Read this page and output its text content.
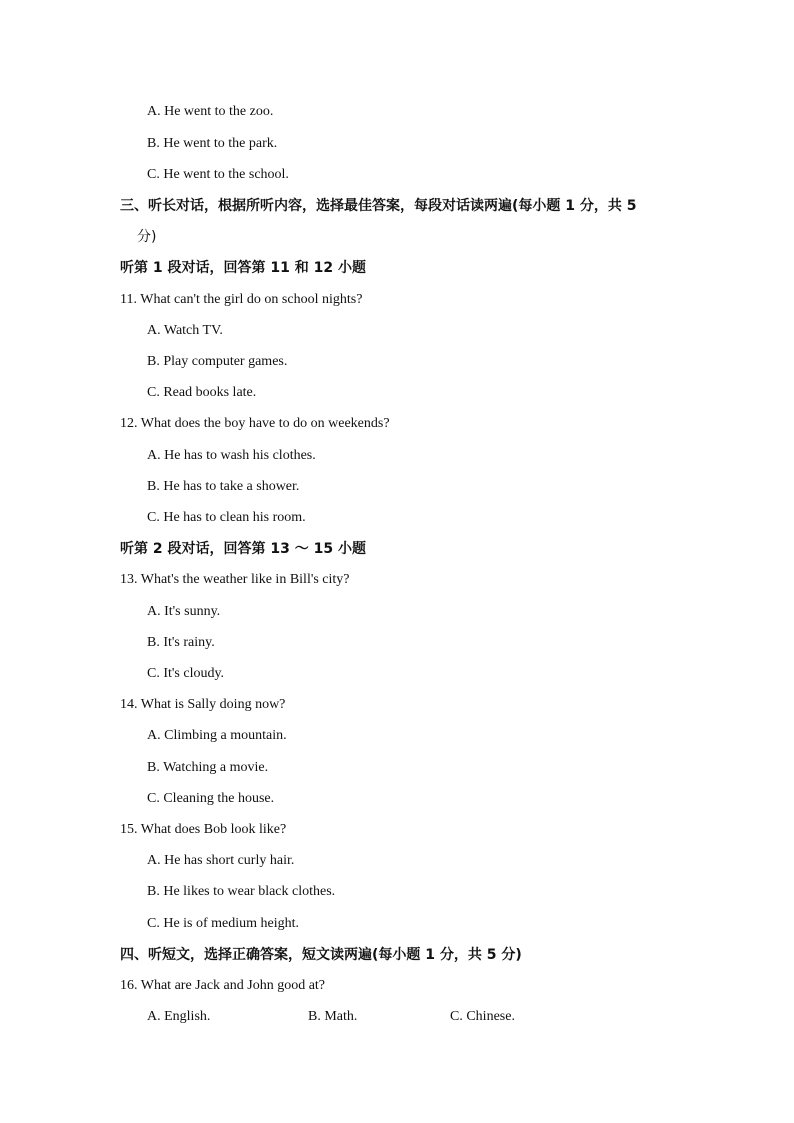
A. He went to the zoo.
B. He went to the park.
C. He went to the school.
三、听长对话，根据所听内容，选择最佳答案，每段对话读两遍(每小题 1 分，共 5
分)
听第 1 段对话，回答第 11 和 12 小题
11. What can't the girl do on school nights?
A. Watch TV.
B. Play computer games.
C. Read books late.
12. What does the boy have to do on weekends?
A. He has to wash his clothes.
B. He has to take a shower.
C. He has to clean his room.
听第 2 段对话，回答第 13 ～ 15 小题
13. What's the weather like in Bill's city?
A. It's sunny.
B. It's rainy.
C. It's cloudy.
14. What is Sally doing now?
A. Climbing a mountain.
B. Watching a movie.
C. Cleaning the house.
15. What does Bob look like?
A. He has short curly hair.
B. He likes to wear black clothes.
C. He is of medium height.
四、听短文，选择正确答案，短文读两遍(每小题 1 分，共 5 分)
16. What are Jack and John good at?
A. English.	B. Math.	C. Chinese.
